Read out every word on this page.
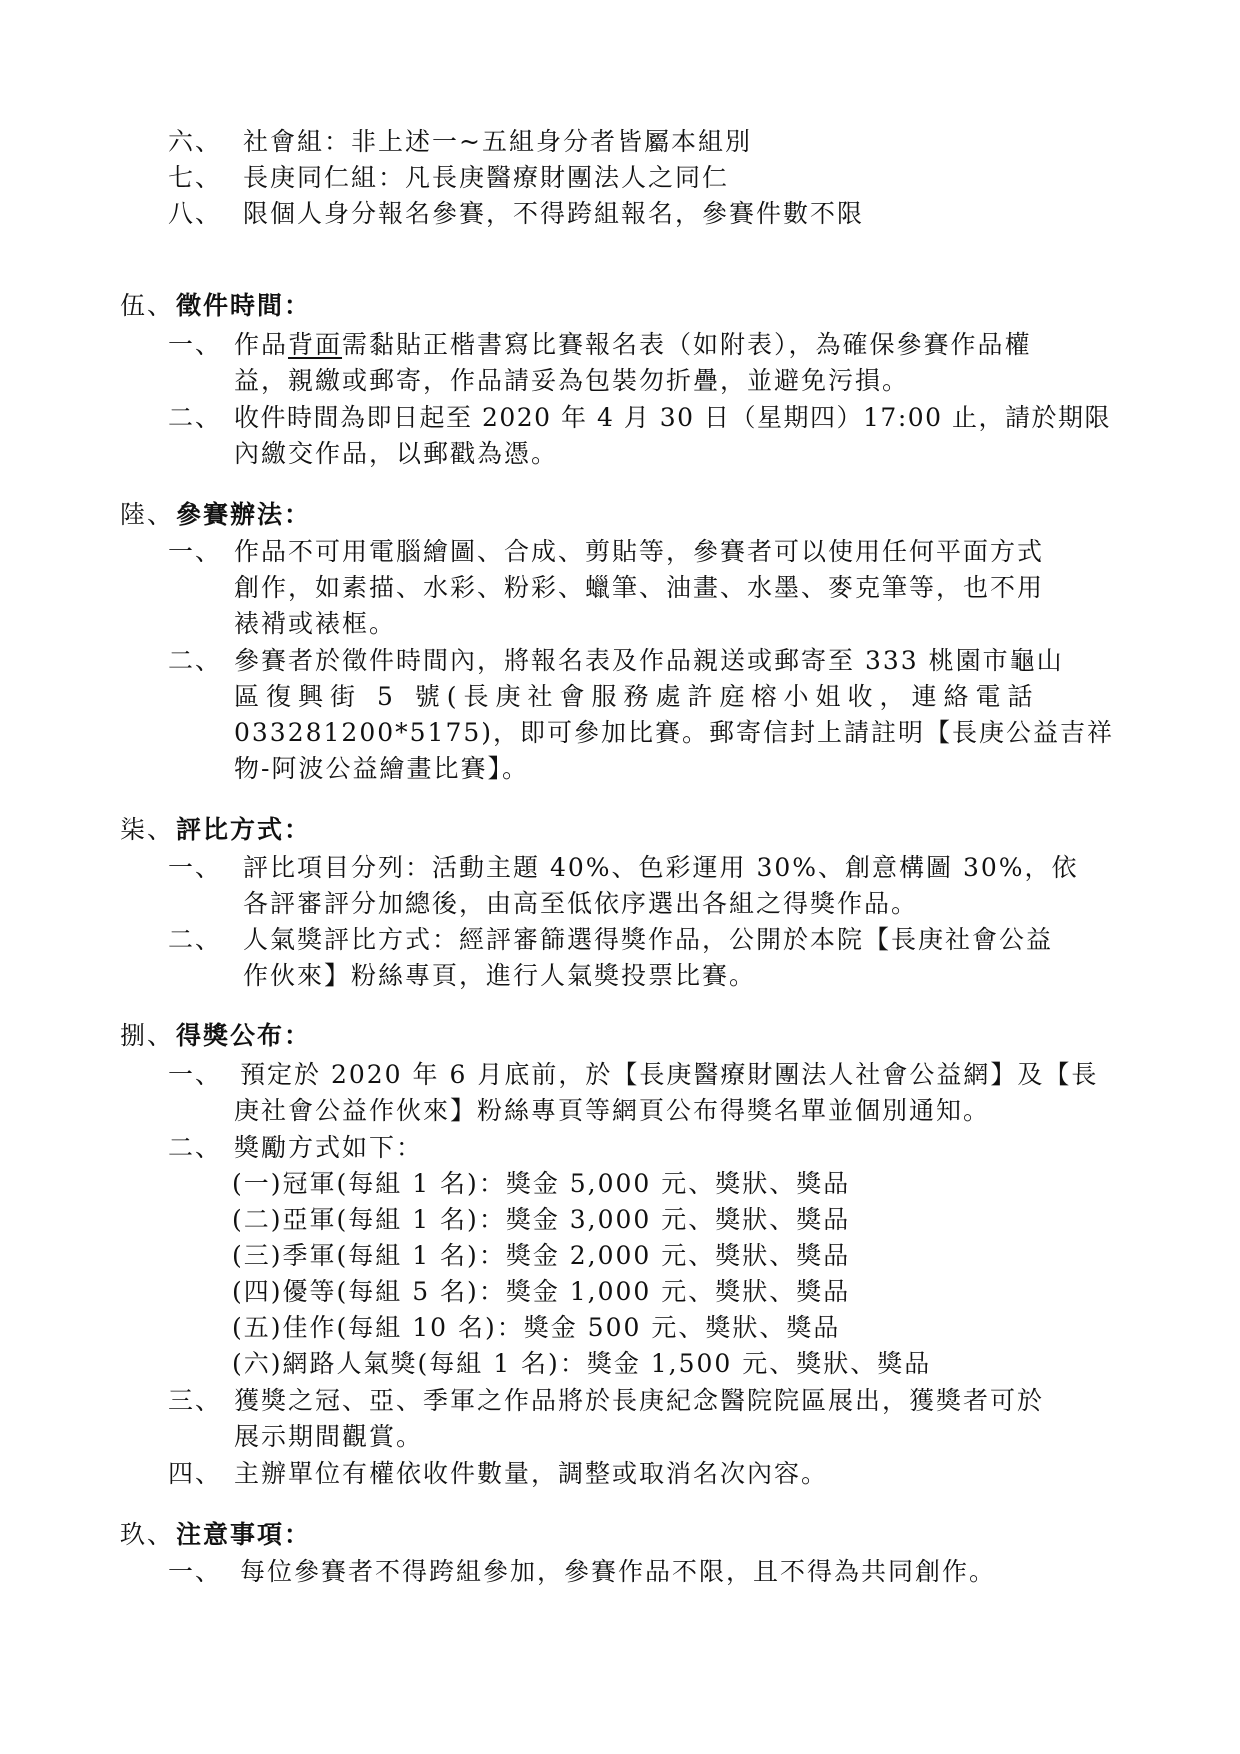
六、 社會組：非上述一~五組身分者皆屬本組別
七、 長庚同仁組：凡長庚醫療財團法人之同仁
八、 限個人身分報名參賽，不得跨組報名，參賽件數不限
伍、 徵件時間：
一、 作品背面需黏貼正楷書寫比賽報名表（如附表），為確保參賽作品權
益，親繳或郵寄，作品請妥為包裝勿折疊，並避免污損。
二、 收件時間為即日起至 2020 年 4 月 30 日（星期四）17:00 止，請於期限
內繳交作品，以郵戳為憑。
陸、 參賽辦法：
一、 作品不可用電腦繪圖、合成、剪貼等，參賽者可以使用任何平面方式
創作，如素描、水彩、粉彩、蠟筆、油畫、水墨、麥克筆等，也不用
裱褙或裱框。
二、 參賽者於徵件時間內，將報名表及作品親送或郵寄至 333 桃園市龜山
區復興街 5 號(長庚社會服務處許庭榕小姐收，連絡電話
033281200*5175)，即可參加比賽。郵寄信封上請註明【長庚公益吉祥
物-阿波公益繪畫比賽】。
柒、 評比方式：
一、 評比項目分列：活動主題 40%、色彩運用 30%、創意構圖 30%，依
各評審評分加總後，由高至低依序選出各組之得獎作品。
二、 人氣獎評比方式：經評審篩選得獎作品，公開於本院【長庚社會公益
作伙來】粉絲專頁，進行人氣獎投票比賽。
捌、 得獎公布：
一、 預定於 2020 年 6 月底前，於【長庚醫療財團法人社會公益網】及【長
庚社會公益作伙來】粉絲專頁等網頁公布得獎名單並個別通知。
二、 獎勵方式如下：
(一)冠軍(每組 1 名)：獎金 5,000 元、獎狀、獎品
(二)亞軍(每組 1 名)：獎金 3,000 元、獎狀、獎品
(三)季軍(每組 1 名)：獎金 2,000 元、獎狀、獎品
(四)優等(每組 5 名)：獎金 1,000 元、獎狀、獎品
(五)佳作(每組 10 名)：獎金 500 元、獎狀、獎品
(六)網路人氣獎(每組 1 名)：獎金 1,500 元、獎狀、獎品
三、 獲獎之冠、亞、季軍之作品將於長庚紀念醫院院區展出，獲獎者可於
展示期間觀賞。
四、 主辦單位有權依收件數量，調整或取消名次內容。
玖、 注意事項：
一、 每位參賽者不得跨組參加，參賽作品不限，且不得為共同創作。
